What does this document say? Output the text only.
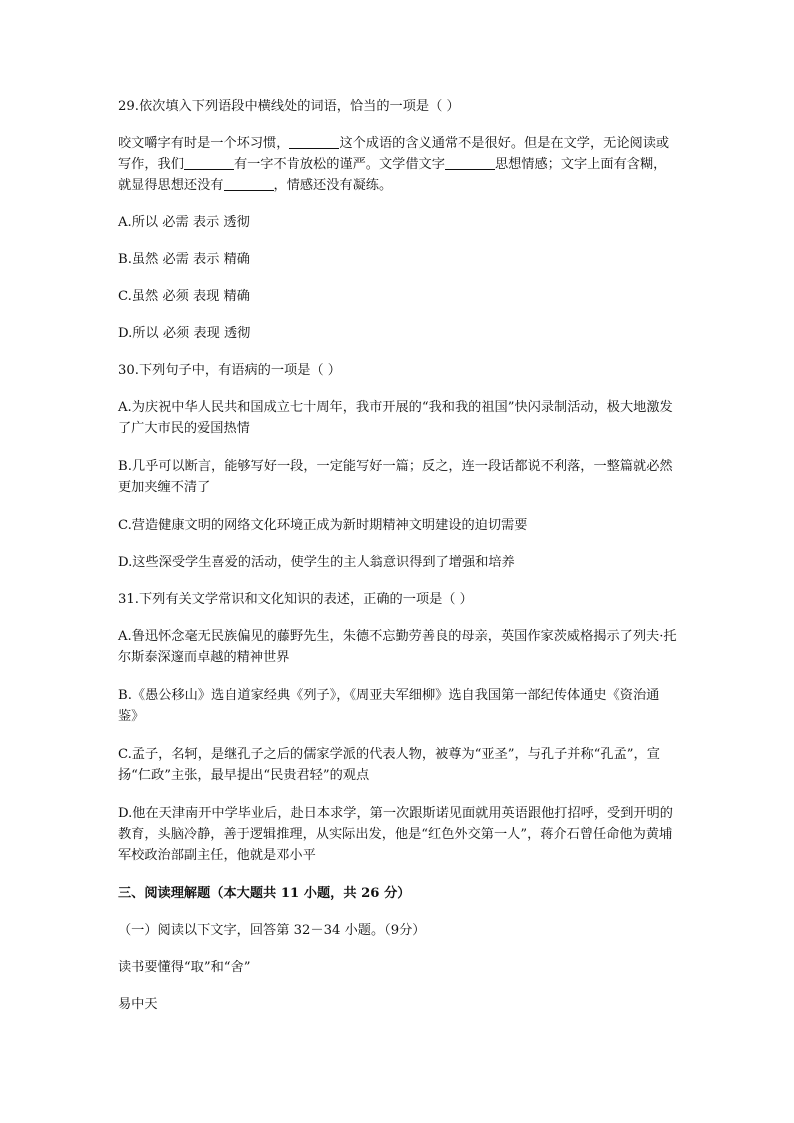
29.依次填入下列语段中横线处的词语，恰当的一项是（ ）

咬文嚼字有时是一个坏习惯，	这个成语的含义通常不是很好。但是在文学，无论阅读或写作，我们	有一字不肯放松的谨严。文学借文字	思想情感；文字上面有含糊，就显得思想还没有	，情感还没有凝练。

A.所以 必需 表示 透彻

B.虽然 必需 表示 精确

C.虽然 必须 表现 精确

D.所以 必须 表现 透彻

30.下列句子中，有语病的一项是（ ）

A.为庆祝中华人民共和国成立七十周年，我市开展的“我和我的祖国”快闪录制活动，极大地激发了广大市民的爱国热情

B.几乎可以断言，能够写好一段，一定能写好一篇；反之，连一段话都说不利落，一整篇就必然更加夹缠不清了

C.营造健康文明的网络文化环境正成为新时期精神文明建设的迫切需要

D.这些深受学生喜爱的活动，使学生的主人翁意识得到了增强和培养

31.下列有关文学常识和文化知识的表述，正确的一项是（ ）

A.鲁迅怀念毫无民族偏见的藤野先生，朱德不忘勤劳善良的母亲，英国作家茨威格揭示了列夫·托尔斯泰深邃而卓越的精神世界

B.《愚公移山》选自道家经典《列子》，《周亚夫军细柳》选自我国第一部纪传体通史《资治通鉴》

C.孟子，名轲，是继孔子之后的儒家学派的代表人物，被尊为“亚圣”，与孔子并称“孔孟”，宣扬“仁政”主张，最早提出“民贵君轻”的观点

D.他在天津南开中学毕业后，赴日本求学，第一次跟斯诺见面就用英语跟他打招呼，受到开明的教育，头脑冷静，善于逻辑推理，从实际出发，他是“红色外交第一人”，蒋介石曾任命他为黄埔军校政治部副主任，他就是邓小平

三、阅读理解题（本大题共 11 小题，共 26 分）

（一）阅读以下文字，回答第 32－34 小题。（9分）

读书要懂得“取”和“舍”

易中天
